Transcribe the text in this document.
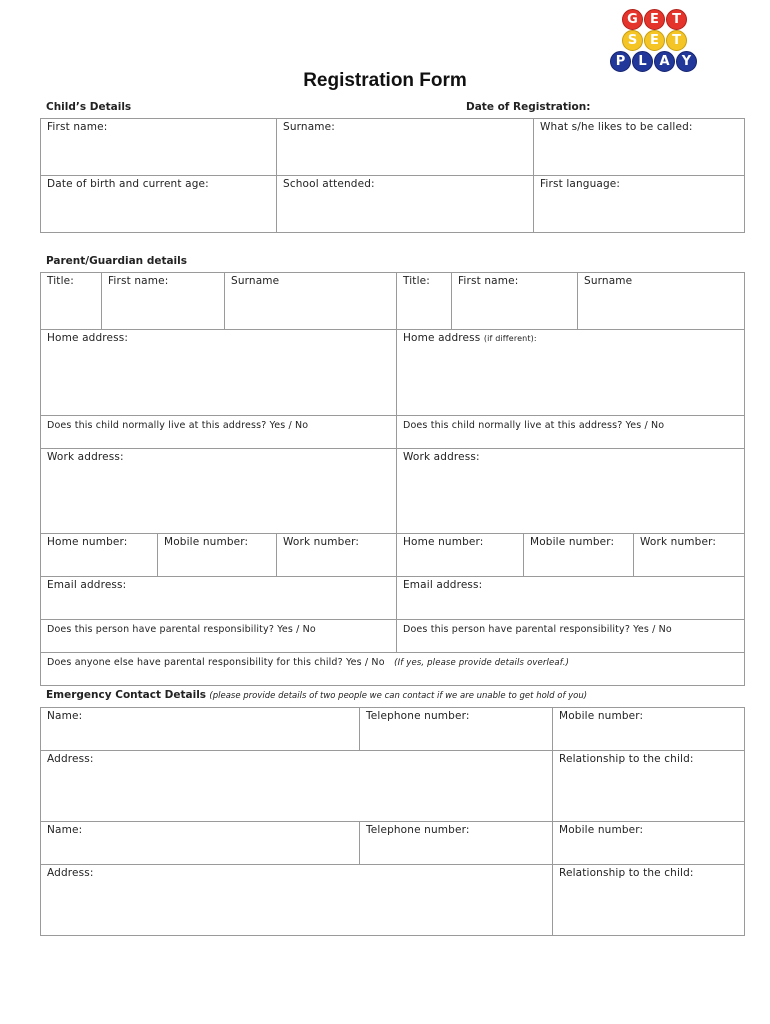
G E	T
S E	T
P	L A Y
Registration Form
Child’s Details	Date of Registration:
First name:	Surname:	What s/he likes to be called:
Date of birth and current age:	School attended:	First language:
Parent/Guardian details
Title:	First name:	Surname	Title:	First name:	Surname
Home address:	Home address (if different):
Does this child normally live at this address? Yes / No	Does this child normally live at this address? Yes / No
Work address:	Work address:
Home number:	Mobile number:	Work number:	Home number:	Mobile number: Work number:
Email address:	Email address:
Does this person have parental responsibility? Yes / No	Does this person have parental responsibility? Yes / No
Does anyone else have parental responsibility for this child? Yes / No (If yes, please provide details overleaf.)
Emergency Contact Details (please provide details of two people we can contact if we are unable to get hold of you)
Name:	Telephone number:	Mobile number:
Address:	Relationship to the child:
Name:	Telephone number:	Mobile number:
Address:	Relationship to the child:
